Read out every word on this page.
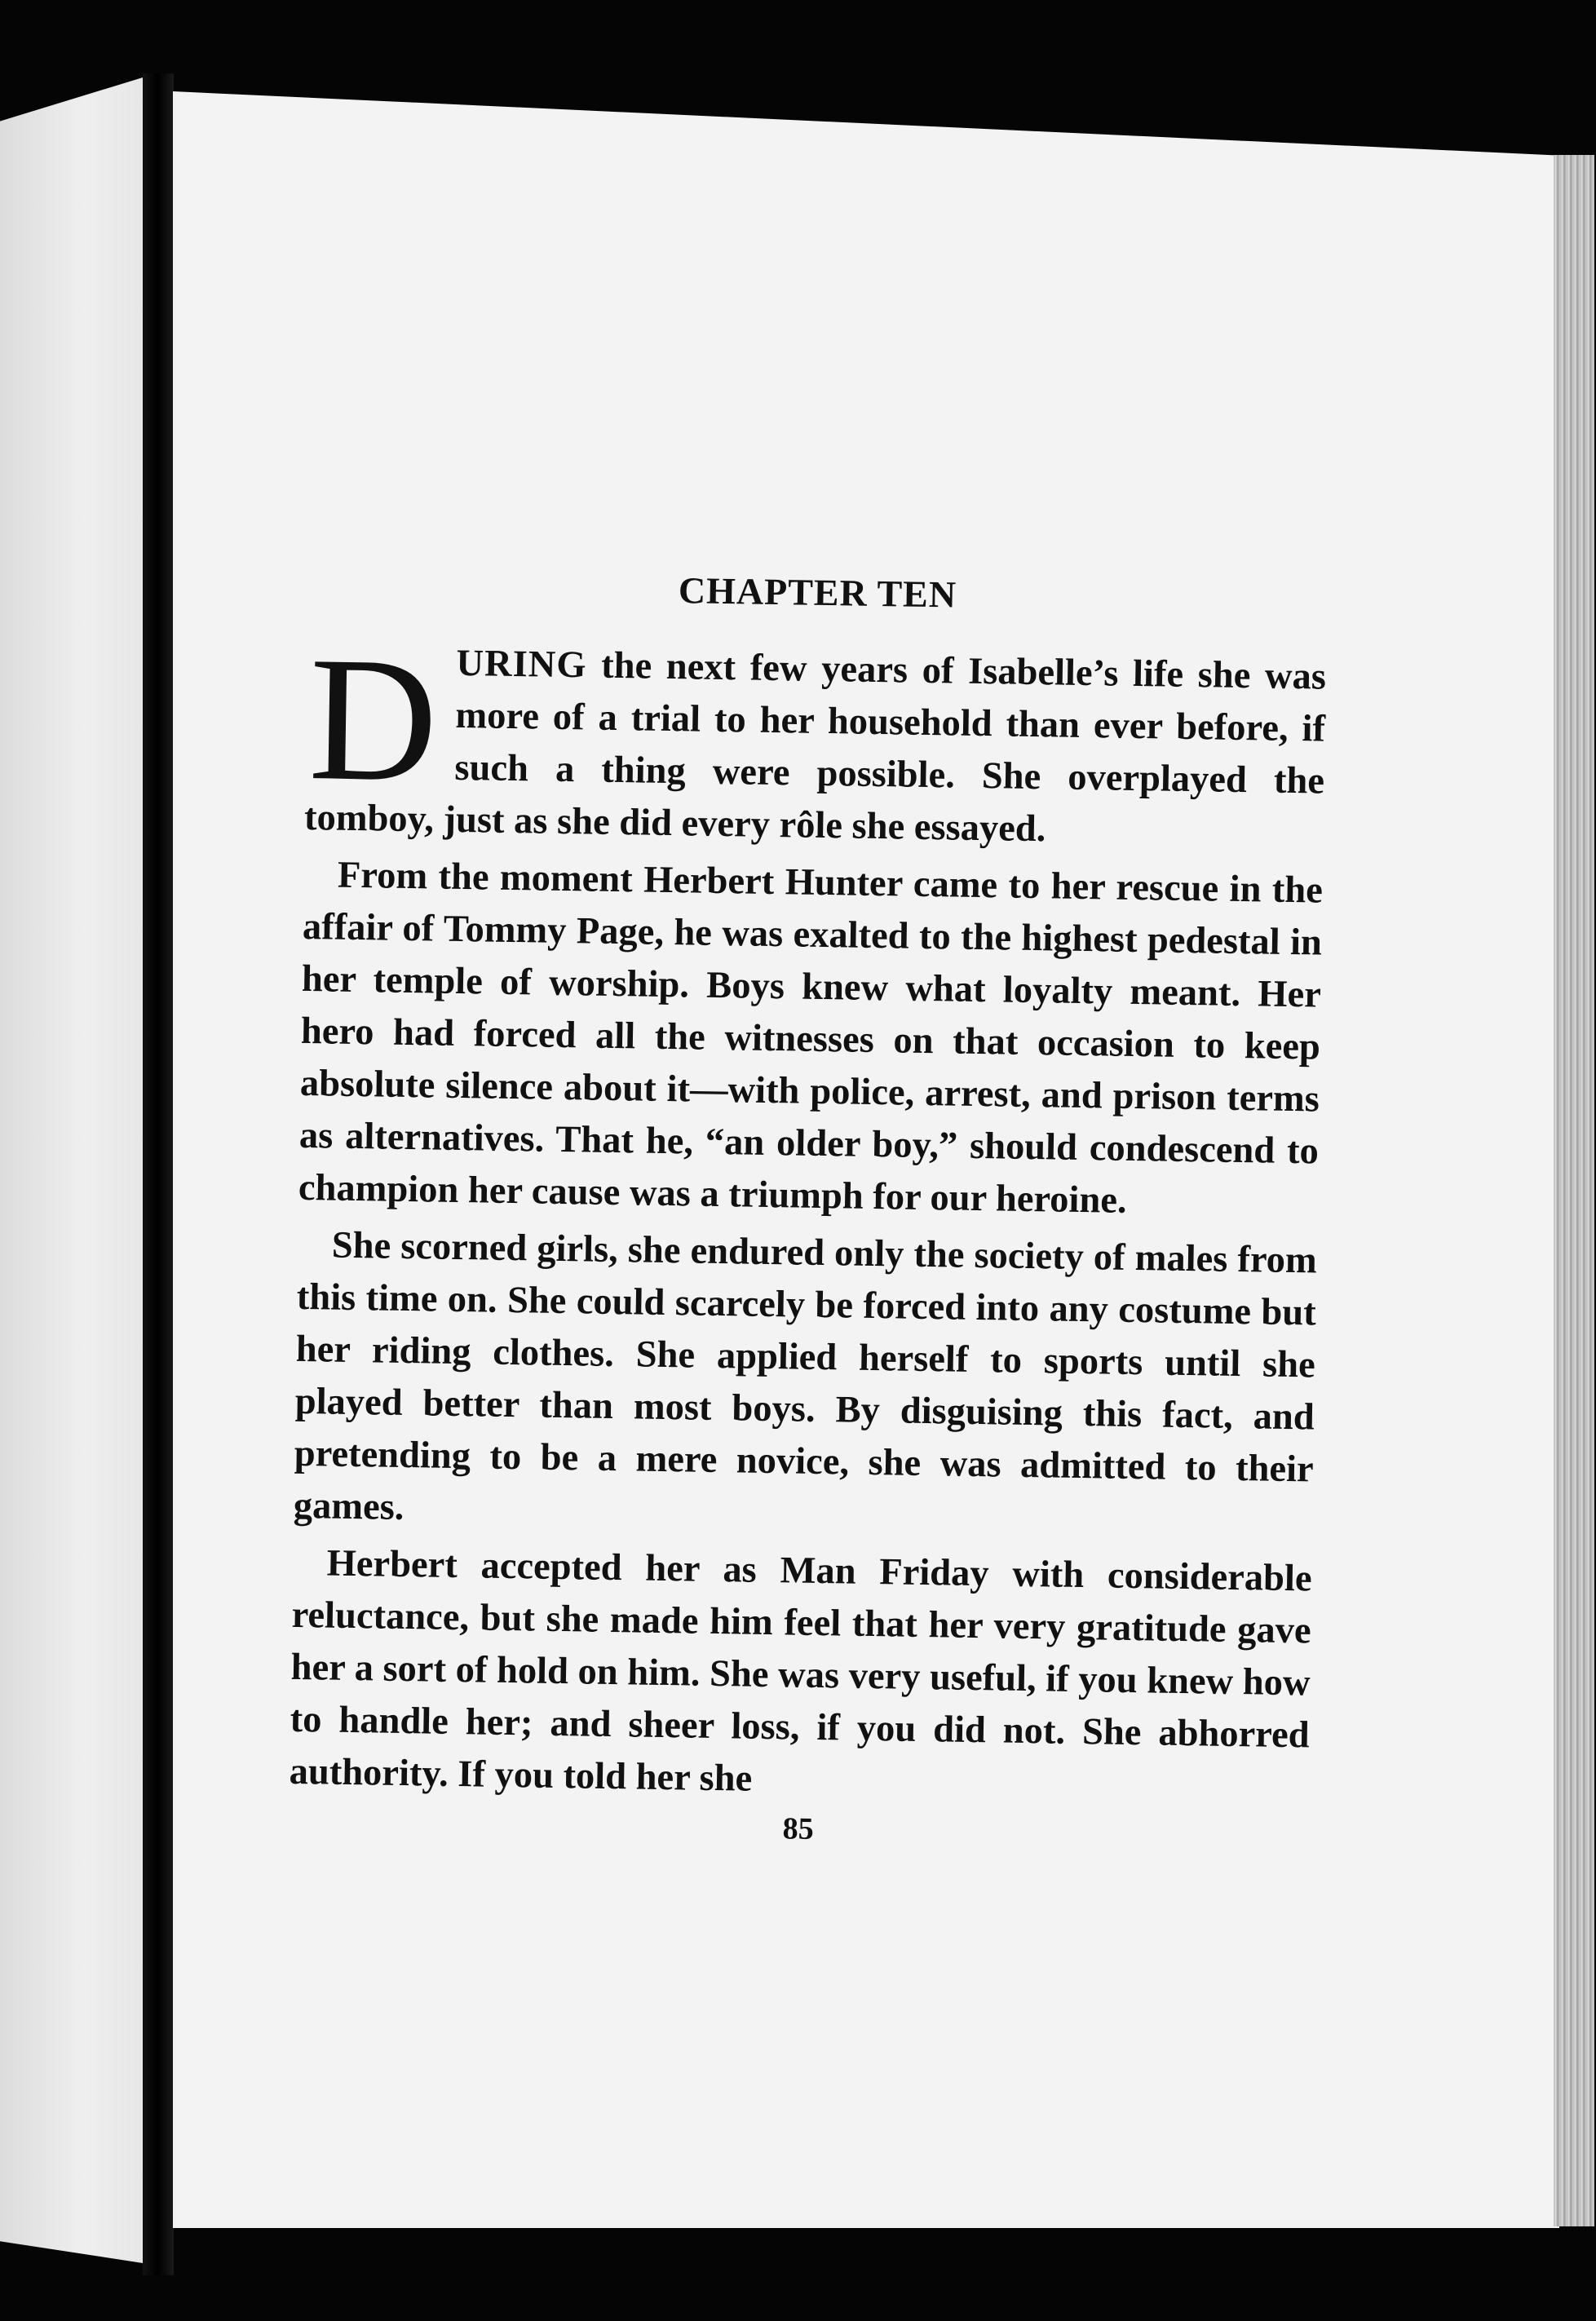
CHAPTER TEN

DURING the next few years of Isabelle’s life she was more of a trial to her household than ever before, if such a thing were possible. She overplayed the tomboy, just as she did every rôle she essayed.

From the moment Herbert Hunter came to her rescue in the affair of Tommy Page, he was exalted to the highest pedestal in her temple of worship. Boys knew what loyalty meant. Her hero had forced all the witnesses on that occasion to keep absolute silence about it—with police, arrest, and prison terms as alternatives. That he, “an older boy,” should condescend to champion her cause was a triumph for our heroine.

She scorned girls, she endured only the society of males from this time on. She could scarcely be forced into any costume but her riding clothes. She applied herself to sports until she played better than most boys. By disguising this fact, and pretending to be a mere novice, she was admitted to their games.

Herbert accepted her as Man Friday with considerable reluctance, but she made him feel that her very gratitude gave her a sort of hold on him. She was very useful, if you knew how to handle her; and sheer loss, if you did not. She abhorred authority. If you told her she

85
